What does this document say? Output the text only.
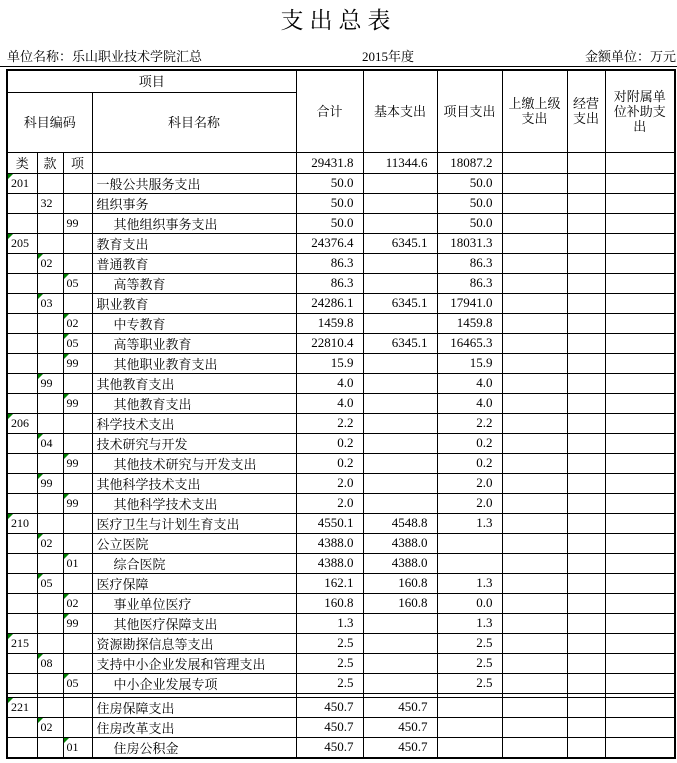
支出总表
单位名称：乐山职业技术学院汇总	2015年度	金额单位：万元
项目				合计	基本支出	项目支出	上缴上级支出	经营支出	对附属单位补助支出
科目编码			科目名称						
类	款	项		29431.8	11344.6	18087.2			
201			一般公共服务支出	50.0		50.0			
	32		组织事务	50.0		50.0			
		99	其他组织事务支出	50.0		50.0			
205			教育支出	24376.4	6345.1	18031.3			
	02		普通教育	86.3		86.3			
		05	高等教育	86.3		86.3			
	03		职业教育	24286.1	6345.1	17941.0			
		02	中专教育	1459.8		1459.8			
		05	高等职业教育	22810.4	6345.1	16465.3			
		99	其他职业教育支出	15.9		15.9			
	99		其他教育支出	4.0		4.0			
		99	其他教育支出	4.0		4.0			
206			科学技术支出	2.2		2.2			
	04		技术研究与开发	0.2		0.2			
		99	其他技术研究与开发支出	0.2		0.2			
	99		其他科学技术支出	2.0		2.0			
		99	其他科学技术支出	2.0		2.0			
210			医疗卫生与计划生育支出	4550.1	4548.8	1.3			
	02		公立医院	4388.0	4388.0				
		01	综合医院	4388.0	4388.0				
	05		医疗保障	162.1	160.8	1.3			
		02	事业单位医疗	160.8	160.8	0.0			
		99	其他医疗保障支出	1.3		1.3			
215			资源勘探信息等支出	2.5		2.5			
	08		支持中小企业发展和管理支出	2.5		2.5			
		05	中小企业发展专项	2.5		2.5			

221			住房保障支出	450.7	450.7				
	02		住房改革支出	450.7	450.7				
		01	住房公积金	450.7	450.7				
